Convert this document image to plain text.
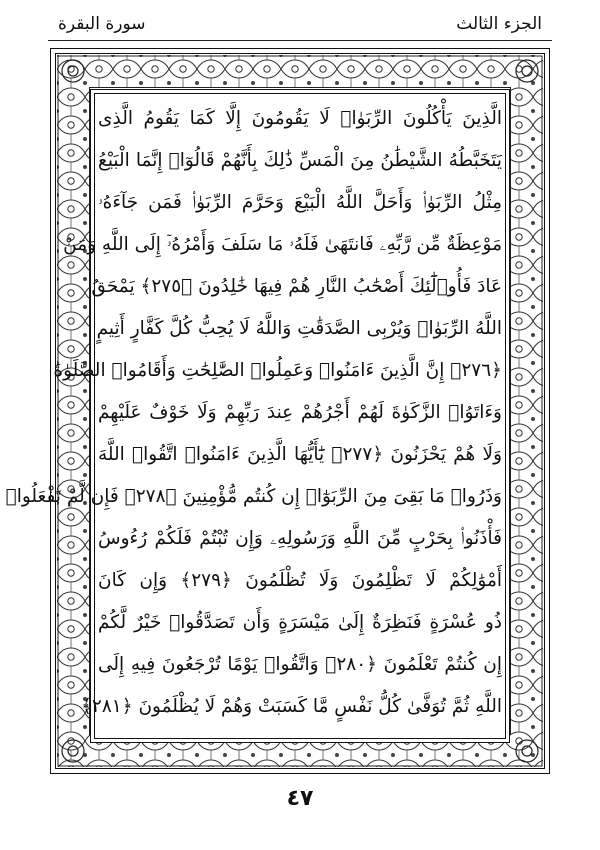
الجزء الثالث
سورة البقرة
الَّذِينَ يَأْكُلُونَ الرِّبَوٰا۟ لَا يَقُومُونَ إِلَّا كَمَا يَقُومُ الَّذِى
يَتَخَبَّطُهُ الشَّيْطَٰنُ مِنَ الْمَسِّ ذَٰلِكَ بِأَنَّهُمْ قَالُوٓا۟ إِنَّمَا الْبَيْعُ
مِثْلُ الرِّبَوٰا۟ وَأَحَلَّ اللَّهُ الْبَيْعَ وَحَرَّمَ الرِّبَوٰا۟ فَمَن جَآءَهُۥ
مَوْعِظَةٌ مِّن رَّبِّهِۦ فَانتَهَىٰ فَلَهُۥ مَا سَلَفَ وَأَمْرُهُۥٓ إِلَى اللَّهِ وَمَنْ
عَادَ فَأُو۟لَٰٓئِكَ أَصْحَٰبُ النَّارِ هُمْ فِيهَا خَٰلِدُونَ ﴿٢٧٥﴾ يَمْحَقُ
اللَّهُ الرِّبَوٰا۟ وَيُرْبِى الصَّدَقَٰتِ وَاللَّهُ لَا يُحِبُّ كُلَّ كَفَّارٍ أَثِيمٍ
﴿٢٧٦﴾ إِنَّ الَّذِينَ ءَامَنُوا۟ وَعَمِلُوا۟ الصَّٰلِحَٰتِ وَأَقَامُوا۟ الصَّلَوٰةَ
وَءَاتَوُا۟ الزَّكَوٰةَ لَهُمْ أَجْرُهُمْ عِندَ رَبِّهِمْ وَلَا خَوْفٌ عَلَيْهِمْ
وَلَا هُمْ يَحْزَنُونَ ﴿٢٧٧﴾ يَٰٓأَيُّهَا الَّذِينَ ءَامَنُوا۟ اتَّقُوا۟ اللَّهَ
وَذَرُوا۟ مَا بَقِىَ مِنَ الرِّبَوٰٓا۟ إِن كُنتُم مُّؤْمِنِينَ ﴿٢٧٨﴾ فَإِن لَّمْ تَفْعَلُوا۟
فَأْذَنُوا۟ بِحَرْبٍ مِّنَ اللَّهِ وَرَسُولِهِۦ وَإِن تُبْتُمْ فَلَكُمْ رُءُوسُ
أَمْوَٰلِكُمْ لَا تَظْلِمُونَ وَلَا تُظْلَمُونَ ﴿٢٧٩﴾ وَإِن كَانَ
ذُو عُسْرَةٍ فَنَظِرَةٌ إِلَىٰ مَيْسَرَةٍ وَأَن تَصَدَّقُوا۟ خَيْرٌ لَّكُمْ
إِن كُنتُمْ تَعْلَمُونَ ﴿٢٨٠﴾ وَاتَّقُوا۟ يَوْمًا تُرْجَعُونَ فِيهِ إِلَى
اللَّهِ ثُمَّ تُوَفَّىٰ كُلُّ نَفْسٍ مَّا كَسَبَتْ وَهُمْ لَا يُظْلَمُونَ ﴿٢٨١﴾
٤٧
